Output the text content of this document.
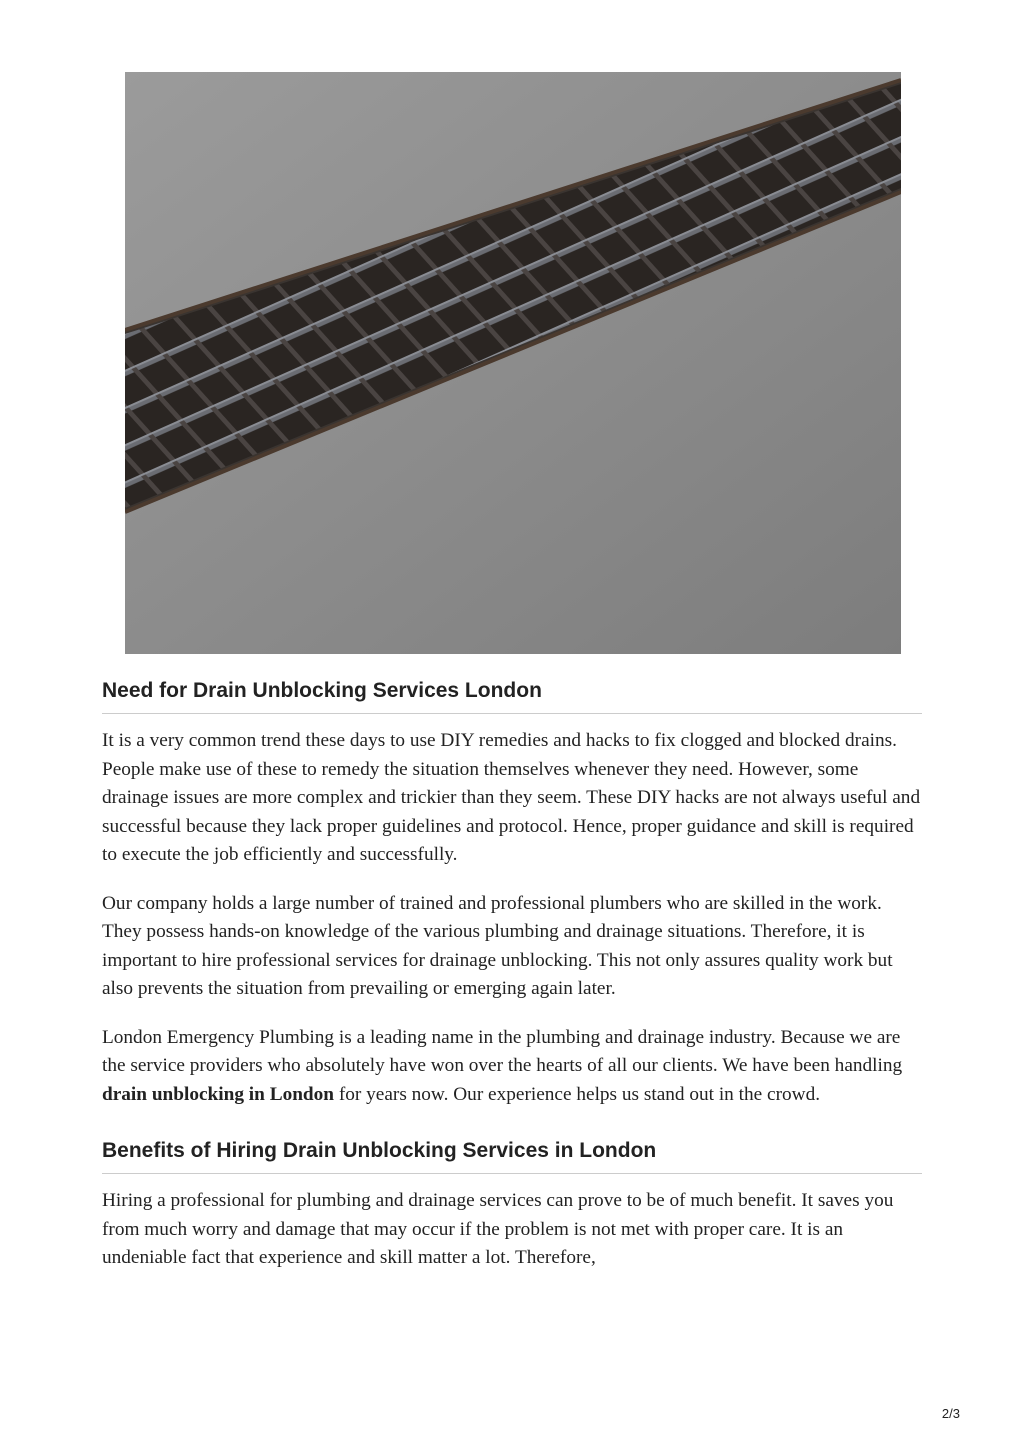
Need for Drain Unblocking Services London

It is a very common trend these days to use DIY remedies and hacks to fix clogged and blocked drains. People make use of these to remedy the situation themselves whenever they need. However, some drainage issues are more complex and trickier than they seem. These DIY hacks are not always useful and successful because they lack proper guidelines and protocol. Hence, proper guidance and skill is required to execute the job efficiently and successfully.

Our company holds a large number of trained and professional plumbers who are skilled in the work. They possess hands-on knowledge of the various plumbing and drainage situations. Therefore, it is important to hire professional services for drainage unblocking. This not only assures quality work but also prevents the situation from prevailing or emerging again later.

London Emergency Plumbing is a leading name in the plumbing and drainage industry. Because we are the service providers who absolutely have won over the hearts of all our clients. We have been handling drain unblocking in London for years now. Our experience helps us stand out in the crowd.

Benefits of Hiring Drain Unblocking Services in London

Hiring a professional for plumbing and drainage services can prove to be of much benefit. It saves you from much worry and damage that may occur if the problem is not met with proper care. It is an undeniable fact that experience and skill matter a lot. Therefore,

2/3
